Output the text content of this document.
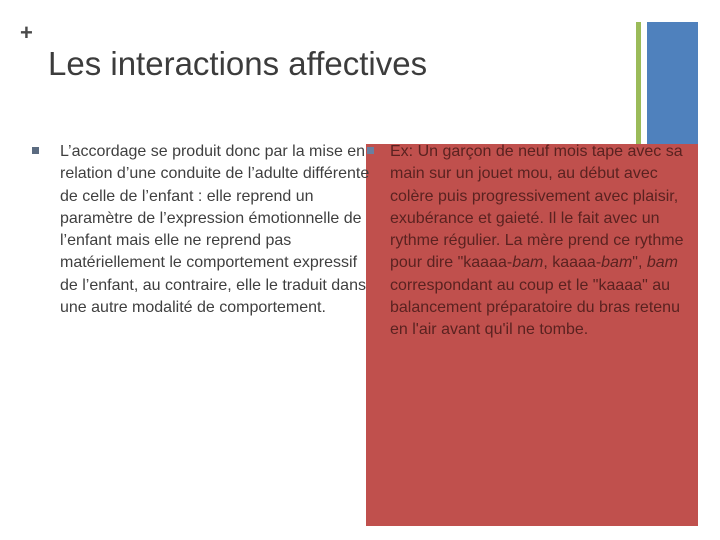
+
Les interactions affectives
L’accordage se produit donc par la mise en relation d’une conduite de l’adulte différente de celle de l’enfant : elle reprend un paramètre de l’expression émotionnelle de l’enfant mais elle ne reprend pas matériellement le comportement expressif de l’enfant, au contraire, elle le traduit dans une autre modalité de comportement.
Ex: Un garçon de neuf mois tape avec sa main sur un jouet mou, au début avec colère puis progressivement avec plaisir, exubérance et gaieté. Il le fait avec un rythme régulier. La mère prend ce rythme pour dire "kaaaa-bam, kaaaa-bam", bam correspondant au coup et le "kaaaa" au balancement préparatoire du bras retenu en l'air avant qu'il ne tombe.
